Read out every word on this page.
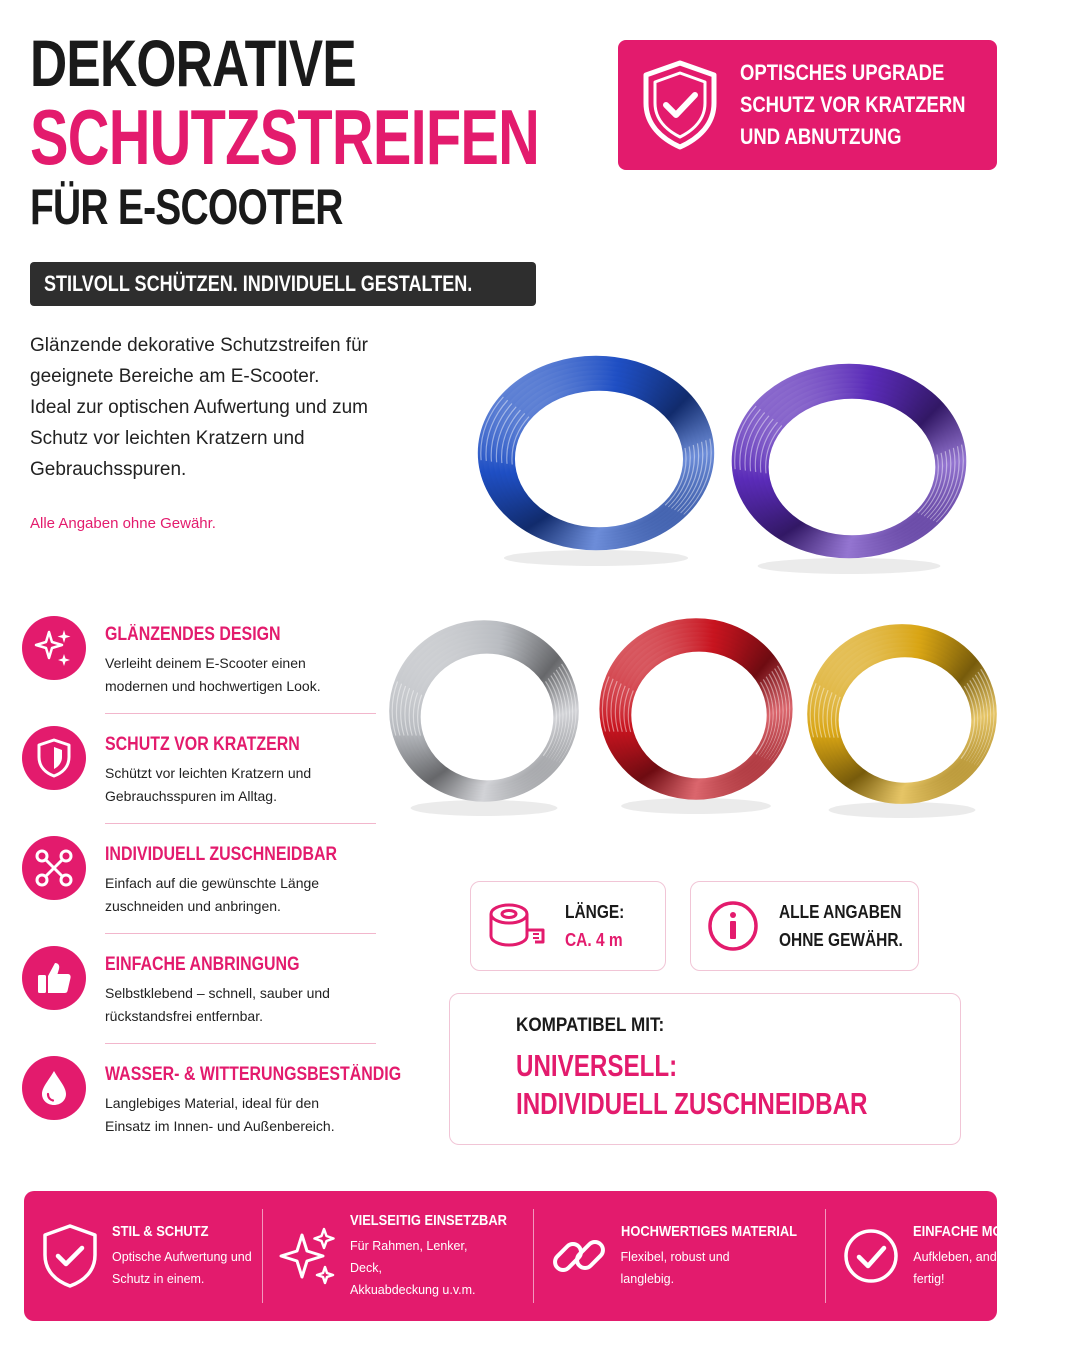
DEKORATIVE
SCHUTZSTREIFEN
FÜR E-SCOOTER
STILVOLL SCHÜTZEN. INDIVIDUELL GESTALTEN.
OPTISCHES UPGRADE
SCHUTZ VOR KRATZERN
UND ABNUTZUNG
Glänzende dekorative Schutzstreifen für
geeignete Bereiche am E-Scooter.
Ideal zur optischen Aufwertung und zum
Schutz vor leichten Kratzern und
Gebrauchsspuren.
Alle Angaben ohne Gewähr.
GLÄNZENDES DESIGN
Verleiht deinem E-Scooter einen
modernen und hochwertigen Look.
SCHUTZ VOR KRATZERN
Schützt vor leichten Kratzern und
Gebrauchsspuren im Alltag.
INDIVIDUELL ZUSCHNEIDBAR
Einfach auf die gewünschte Länge
zuschneiden und anbringen.
EINFACHE ANBRINGUNG
Selbstklebend – schnell, sauber und
rückstandsfrei entfernbar.
WASSER- & WITTERUNGSBESTÄNDIG
Langlebiges Material, ideal für den
Einsatz im Innen- und Außenbereich.
LÄNGE:
CA. 4 m
ALLE ANGABEN
OHNE GEWÄHR.
KOMPATIBEL MIT:
UNIVERSELL:
INDIVIDUELL ZUSCHNEIDBAR
STIL & SCHUTZ
Optische Aufwertung und
Schutz in einem.
VIELSEITIG EINSETZBAR
Für Rahmen, Lenker, Deck,
Akkuabdeckung u.v.m.
HOCHWERTIGES MATERIAL
Flexibel, robust und
langlebig.
EINFACHE MONTAGE
Aufkleben, andrücken,
fertig!
